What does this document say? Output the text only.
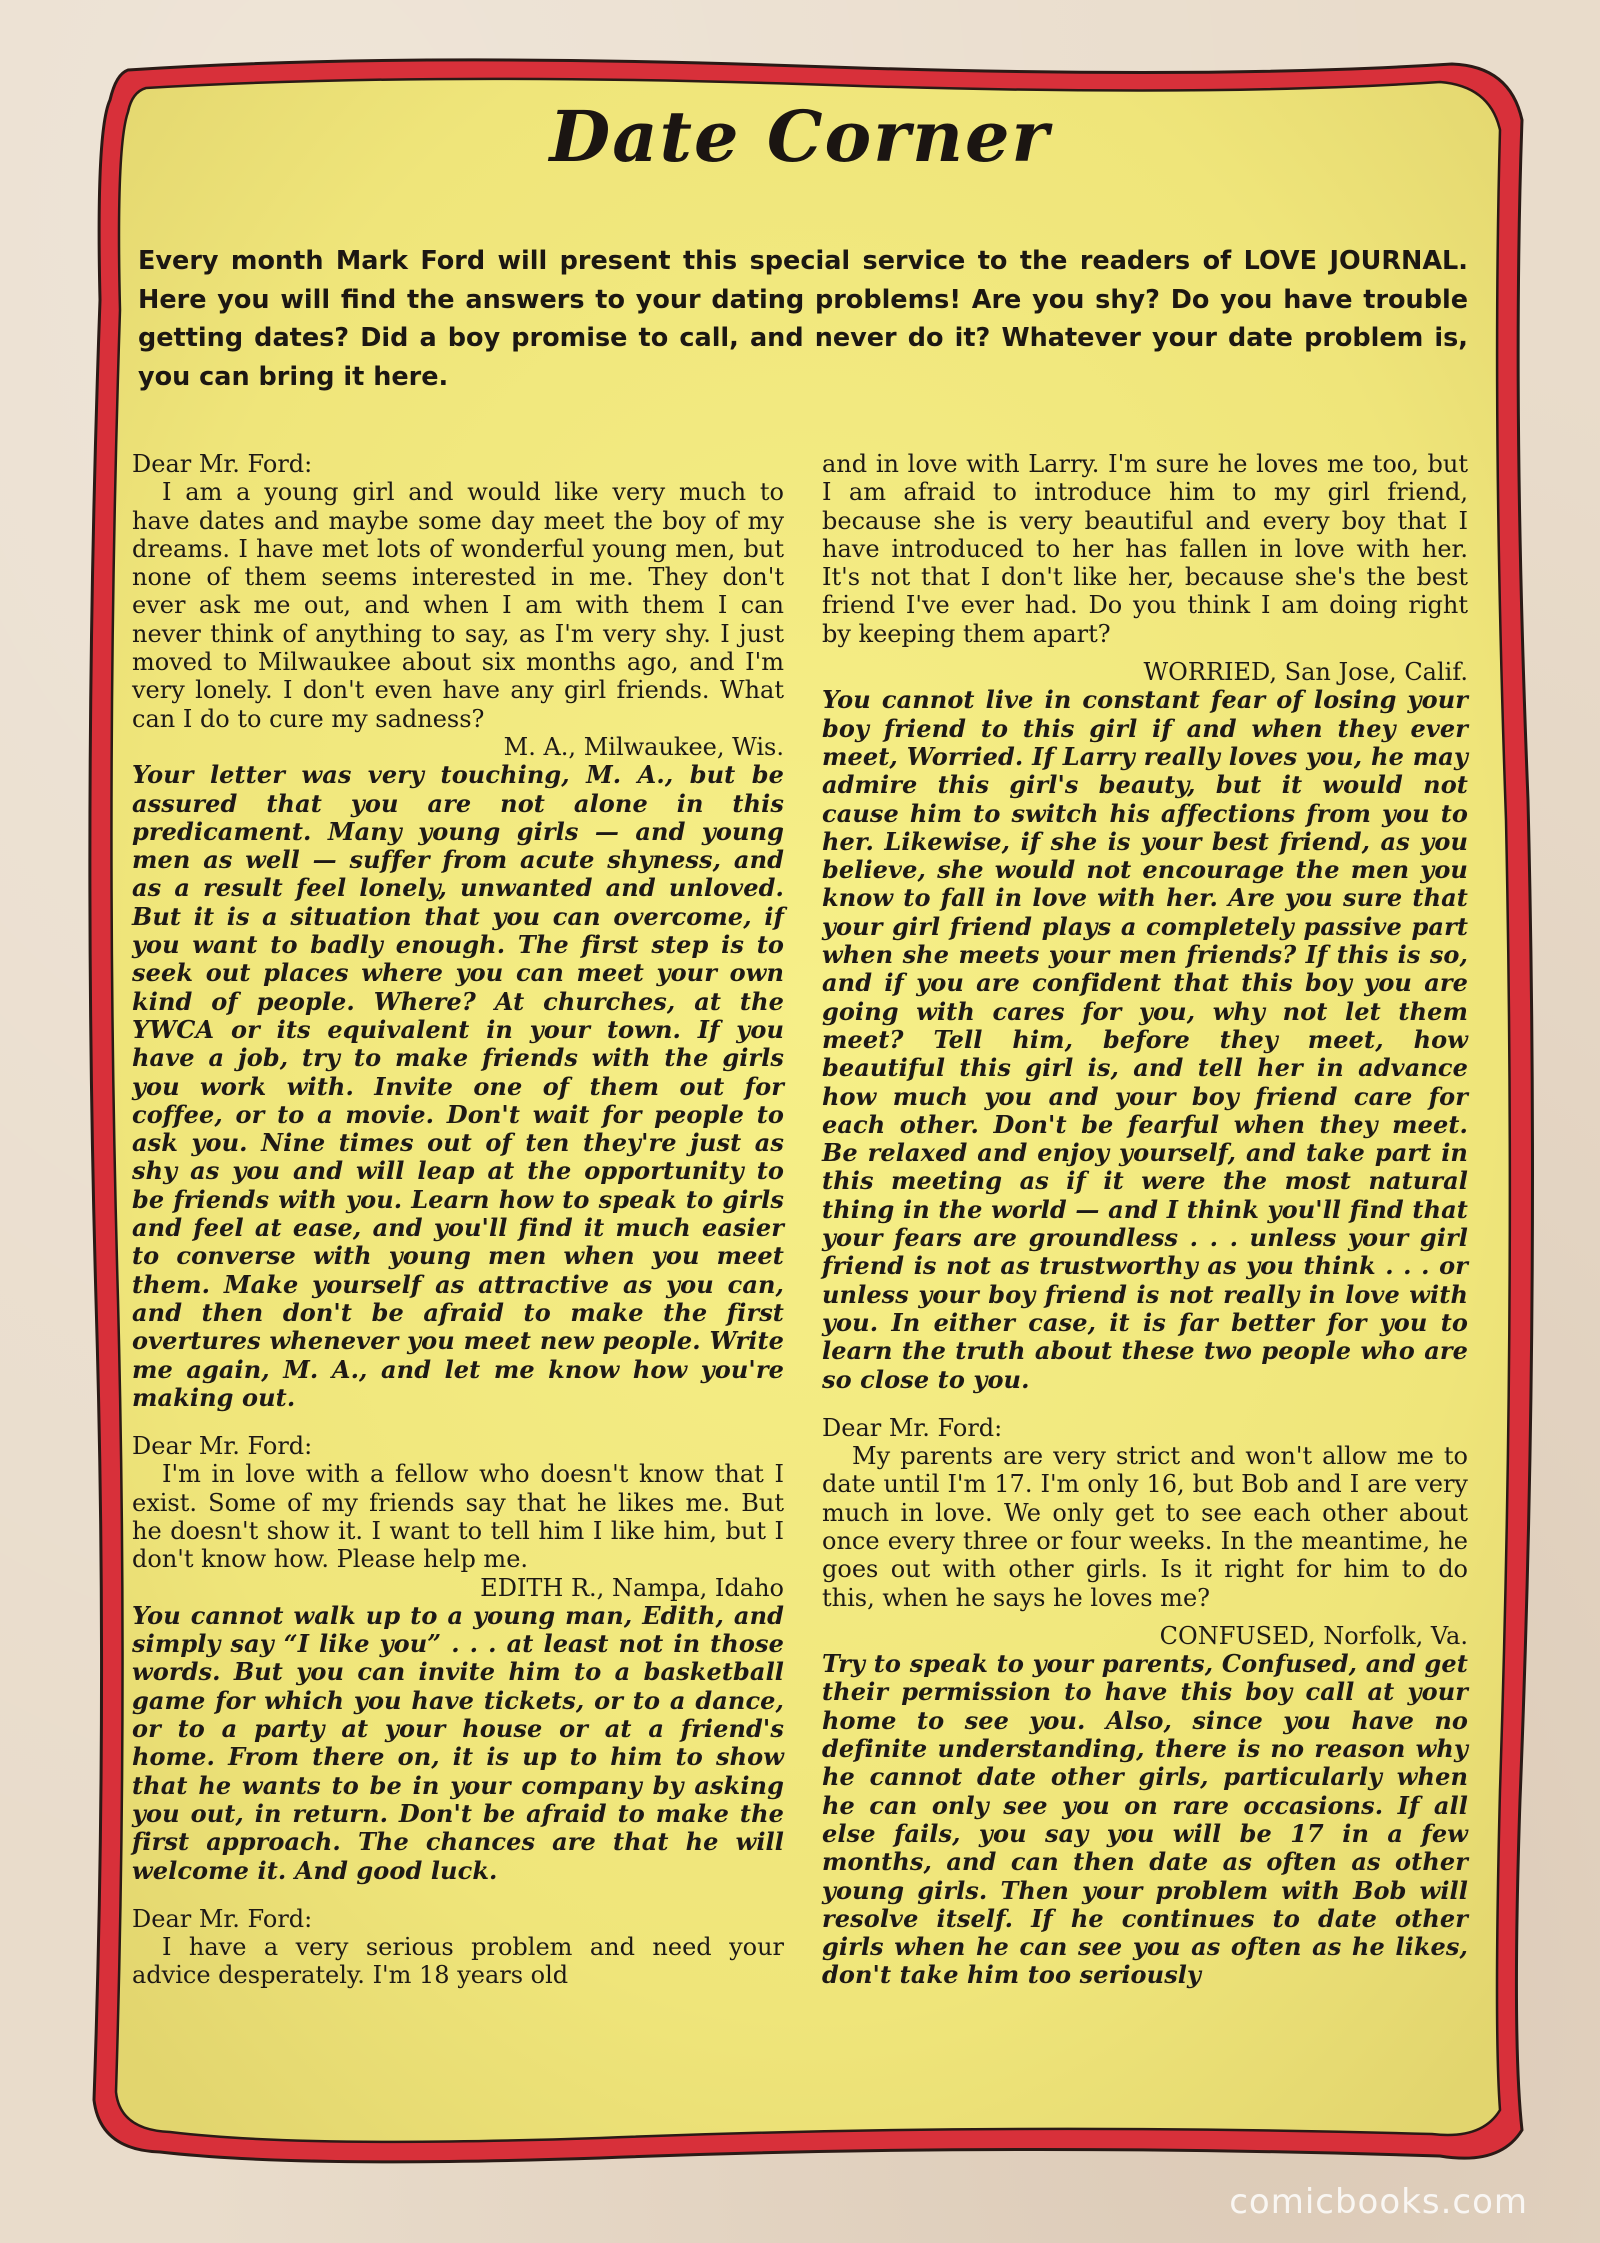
Date Corner
Every month Mark Ford will present this special service to the readers of LOVE JOURNAL. Here you will find the answers to your dating problems! Are you shy? Do you have trouble getting dates? Did a boy promise to call, and never do it? Whatever your date problem is, you can bring it here.

Dear Mr. Ford:

I am a young girl and would like very much to have dates and maybe some day meet the boy of my dreams. I have met lots of wonderful young men, but none of them seems interested in me. They don't ever ask me out, and when I am with them I can never think of anything to say, as I'm very shy. I just moved to Milwaukee about six months ago, and I'm very lonely. I don't even have any girl friends. What can I do to cure my sadness?

M. A., Milwaukee, Wis.

Your letter was very touching, M. A., but be assured that you are not alone in this predicament. Many young girls — and young men as well — suffer from acute shyness, and as a result feel lonely, unwanted and unloved. But it is a situation that you can overcome, if you want to badly enough. The first step is to seek out places where you can meet your own kind of people. Where? At churches, at the YWCA or its equivalent in your town. If you have a job, try to make friends with the girls you work with. Invite one of them out for coffee, or to a movie. Don't wait for people to ask you. Nine times out of ten they're just as shy as you and will leap at the opportunity to be friends with you. Learn how to speak to girls and feel at ease, and you'll find it much easier to converse with young men when you meet them. Make yourself as attractive as you can, and then don't be afraid to make the first overtures whenever you meet new people. Write me again, M. A., and let me know how you're making out.

Dear Mr. Ford:

I'm in love with a fellow who doesn't know that I exist. Some of my friends say that he likes me. But he doesn't show it. I want to tell him I like him, but I don't know how. Please help me.

EDITH R., Nampa, Idaho

You cannot walk up to a young man, Edith, and simply say “I like you” . . . at least not in those words. But you can invite him to a basketball game for which you have tickets, or to a dance, or to a party at your house or at a friend's home. From there on, it is up to him to show that he wants to be in your company by asking you out, in return. Don't be afraid to make the first approach. The chances are that he will welcome it. And good luck.

Dear Mr. Ford:

I have a very serious problem and need your advice desperately. I'm 18 years old

and in love with Larry. I'm sure he loves me too, but I am afraid to introduce him to my girl friend, because she is very beautiful and every boy that I have introduced to her has fallen in love with her. It's not that I don't like her, because she's the best friend I've ever had. Do you think I am doing right by keeping them apart?

WORRIED, San Jose, Calif.

You cannot live in constant fear of losing your boy friend to this girl if and when they ever meet, Worried. If Larry really loves you, he may admire this girl's beauty, but it would not cause him to switch his affections from you to her. Likewise, if she is your best friend, as you believe, she would not encourage the men you know to fall in love with her. Are you sure that your girl friend plays a completely passive part when she meets your men friends? If this is so, and if you are confident that this boy you are going with cares for you, why not let them meet? Tell him, before they meet, how beautiful this girl is, and tell her in advance how much you and your boy friend care for each other. Don't be fearful when they meet. Be relaxed and enjoy yourself, and take part in this meeting as if it were the most natural thing in the world — and I think you'll find that your fears are groundless . . . unless your girl friend is not as trustworthy as you think . . . or unless your boy friend is not really in love with you. In either case, it is far better for you to learn the truth about these two people who are so close to you.

Dear Mr. Ford:

My parents are very strict and won't allow me to date until I'm 17. I'm only 16, but Bob and I are very much in love. We only get to see each other about once every three or four weeks. In the meantime, he goes out with other girls. Is it right for him to do this, when he says he loves me?

CONFUSED, Norfolk, Va.

Try to speak to your parents, Confused, and get their permission to have this boy call at your home to see you. Also, since you have no definite understanding, there is no reason why he cannot date other girls, particularly when he can only see you on rare occasions. If all else fails, you say you will be 17 in a few months, and can then date as often as other young girls. Then your problem with Bob will resolve itself. If he continues to date other girls when he can see you as often as he likes, don't take him too seriously

comicbooks.com
